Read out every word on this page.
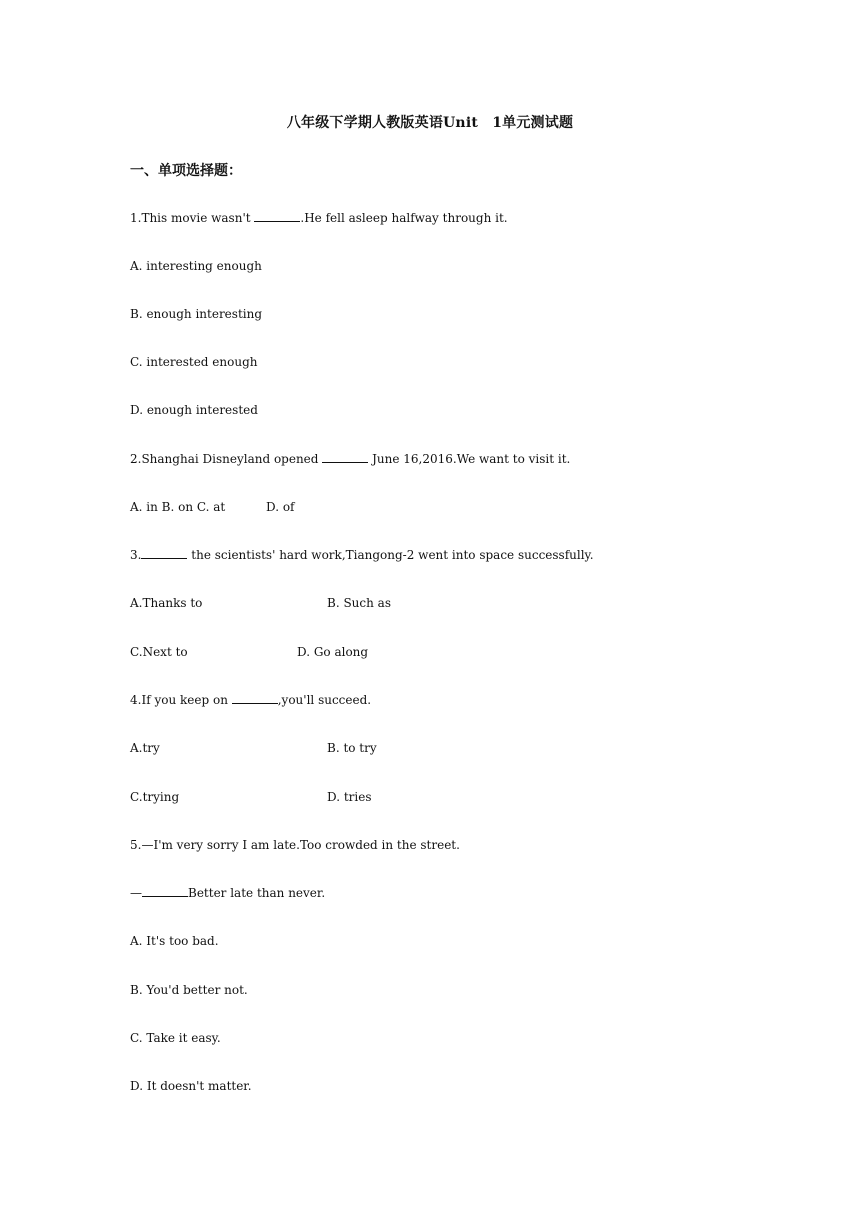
八年级下学期人教版英语Unit　1单元测试题
一、单项选择题：
1.This movie wasn't	.He fell asleep halfway through it.
A. interesting enough
B. enough interesting
C. interested enough
D. enough interested
2.Shanghai Disneyland opened	June 16,2016.We want to visit it.
A. in B. on C. at	D. of
3.	the scientists' hard work,Tiangong-2 went into space successfully.
A.Thanks to	B. Such as
C.Next to	D. Go along
4.If you keep on	,you'll succeed.
A.try	B. to try
C.trying	D. tries
5.—I'm very sorry I am late.Too crowded in the street.
—	Better late than never.
A. It's too bad.
B. You'd better not.
C. Take it easy.
D. It doesn't matter.
